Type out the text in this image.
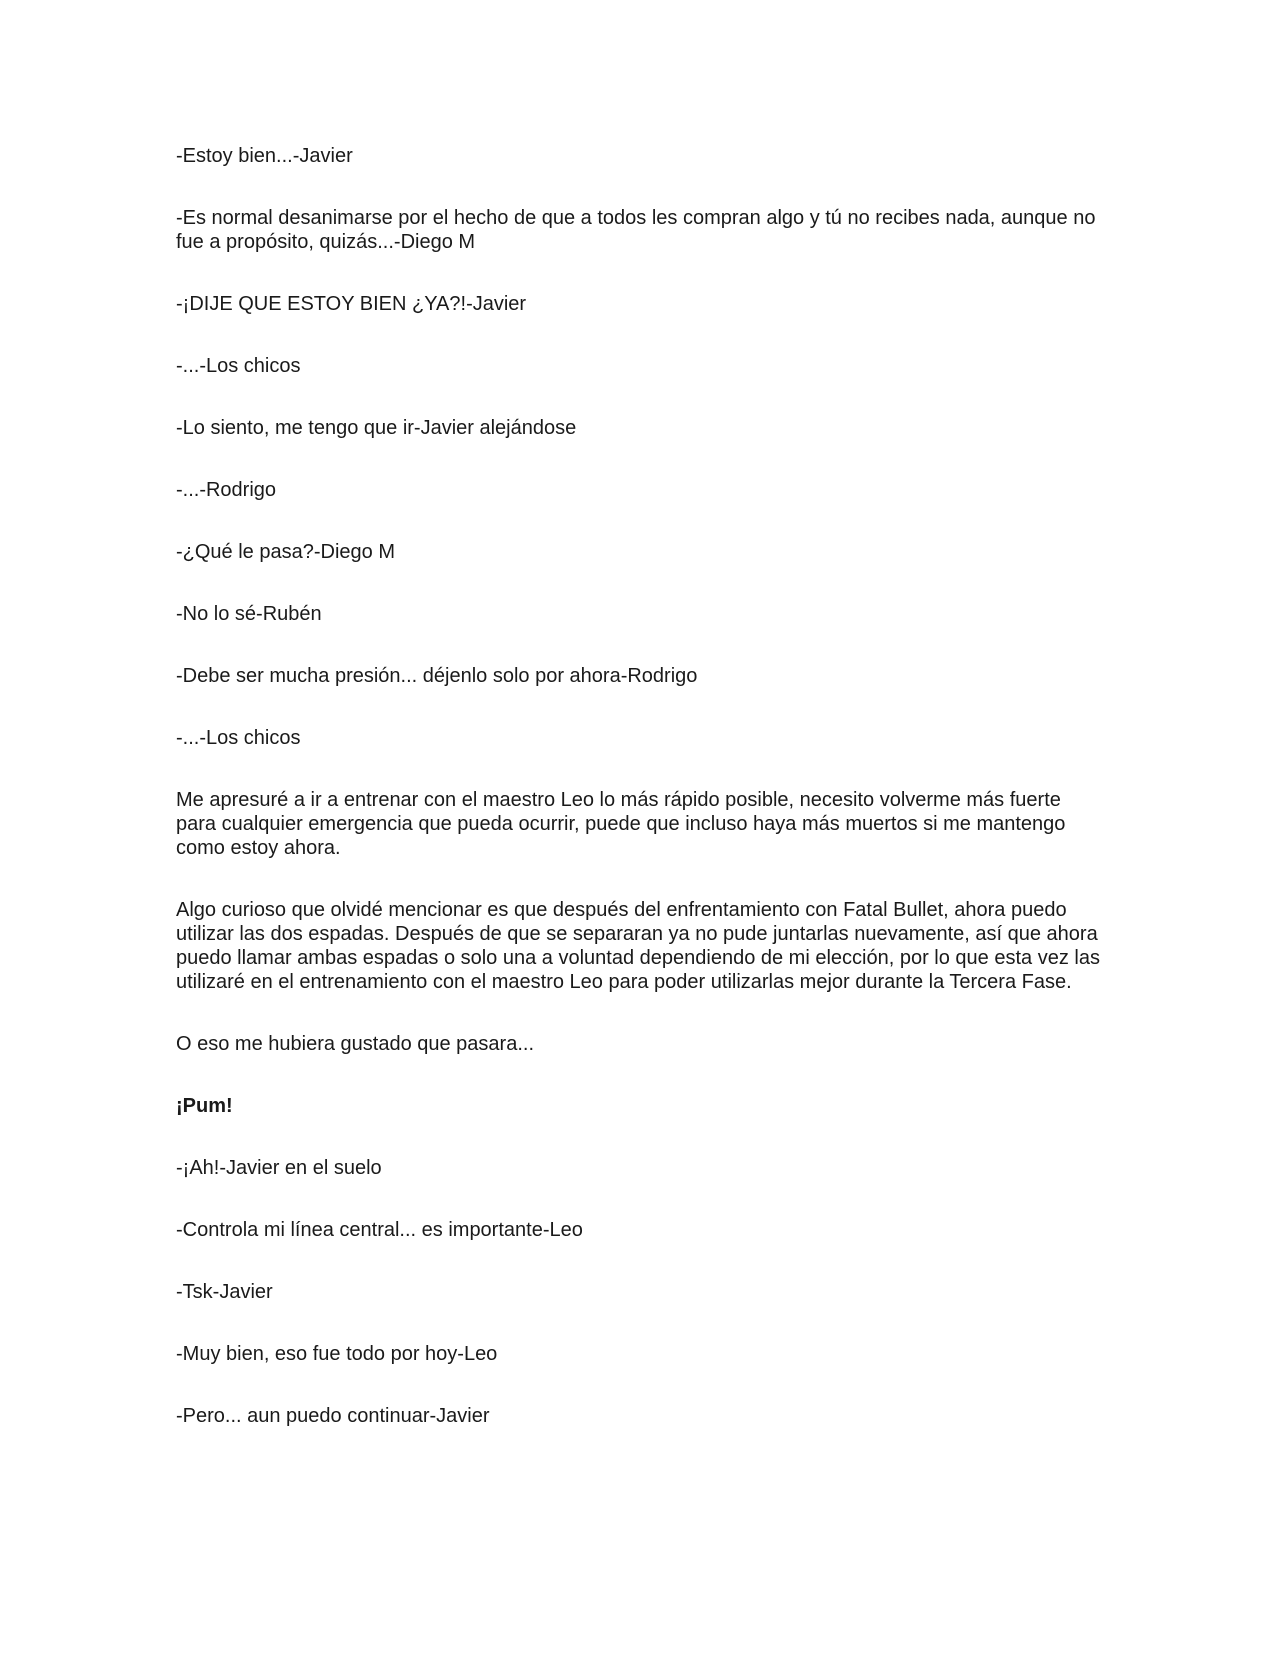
-Estoy bien...-Javier

-Es normal desanimarse por el hecho de que a todos les compran algo y tú no recibes nada, aunque no fue a propósito, quizás...-Diego M

-¡DIJE QUE ESTOY BIEN ¿YA?!-Javier

-...-Los chicos

-Lo siento, me tengo que ir-Javier alejándose

-...-Rodrigo

-¿Qué le pasa?-Diego M

-No lo sé-Rubén

-Debe ser mucha presión... déjenlo solo por ahora-Rodrigo

-...-Los chicos

Me apresuré a ir a entrenar con el maestro Leo lo más rápido posible, necesito volverme más fuerte para cualquier emergencia que pueda ocurrir, puede que incluso haya más muertos si me mantengo como estoy ahora.

Algo curioso que olvidé mencionar es que después del enfrentamiento con Fatal Bullet, ahora puedo utilizar las dos espadas. Después de que se separaran ya no pude juntarlas nuevamente, así que ahora puedo llamar ambas espadas o solo una a voluntad dependiendo de mi elección, por lo que esta vez las utilizaré en el entrenamiento con el maestro Leo para poder utilizarlas mejor durante la Tercera Fase.

O eso me hubiera gustado que pasara...

¡Pum!

-¡Ah!-Javier en el suelo

-Controla mi línea central... es importante-Leo

-Tsk-Javier

-Muy bien, eso fue todo por hoy-Leo

-Pero... aun puedo continuar-Javier
